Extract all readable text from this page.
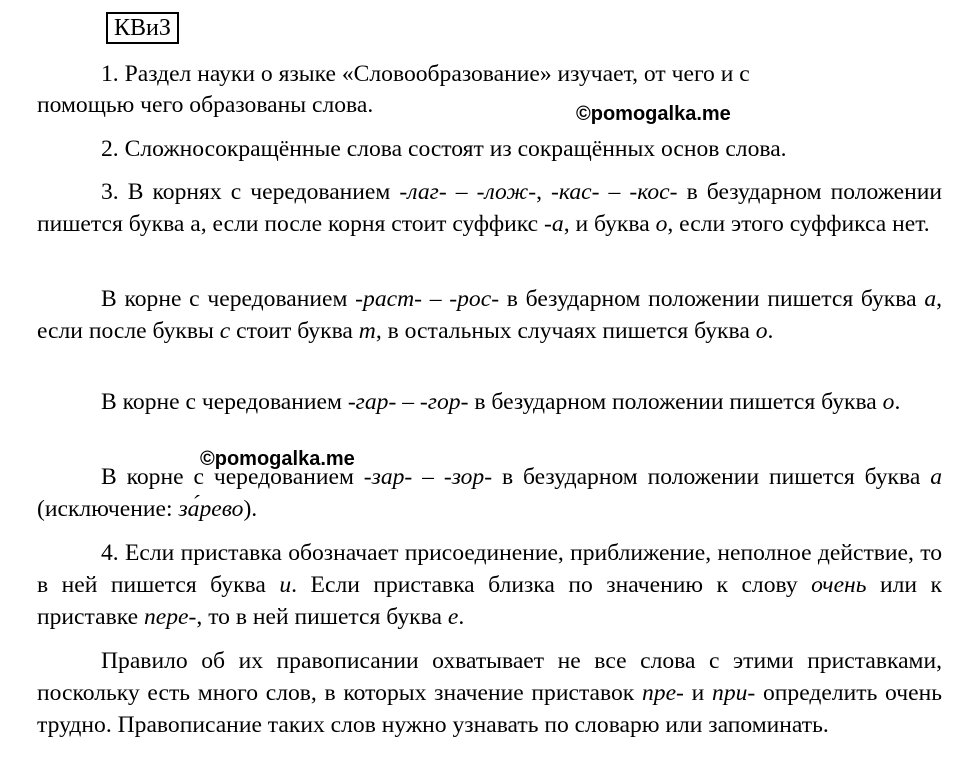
КВиЗ
1. Раздел науки о языке «Словообразование» изучает, от чего и с
помощью чего образованы слова.
2. Сложносокращённые слова состоят из сокращённых основ слова.
3. В корнях с чередованием -лаг- – -лож-, -кас- – -кос- в безударном положении пишется буква а, если после корня стоит суффикс -а, и буква о, если этого суффикса нет.
В корне с чередованием -раст- – -рос- в безударном положении пишется буква а, если после буквы с стоит буква т, в остальных случаях пишется буква о.
В корне с чередованием -гар- – -гор- в безударном положении пишется буква о.
В корне с чередованием -зар- – -зор- в безударном положении пишется буква а (исключение: за́рево).
4. Если приставка обозначает присоединение, приближение, неполное действие, то в ней пишется буква и. Если приставка близка по значению к слову очень или к приставке пере-, то в ней пишется буква е.
Правило об их правописании охватывает не все слова с этими приставками, поскольку есть много слов, в которых значение приставок пре- и при- определить очень трудно. Правописание таких слов нужно узнавать по словарю или запоминать.
©pomogalka.me
©pomogalka.me
